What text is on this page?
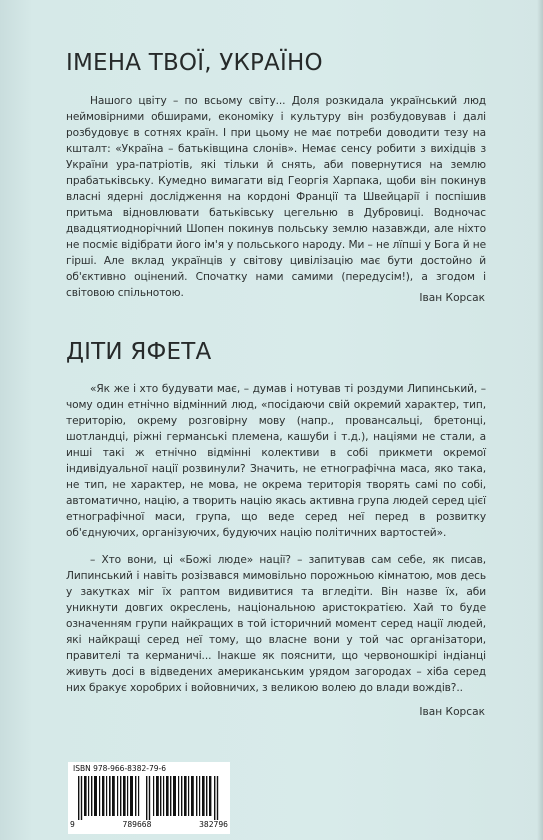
ІМЕНА ТВОЇ, УКРАЇНО

Нашого цвіту – по всьому світу... Доля розкидала український люд неймовірними обширами, економіку і культуру він розбудовував і далі розбудовує в сотнях країн. І при цьому не має потреби доводити тезу на кшталт: «Україна – батьківщина слонів». Немає сенсу робити з вихідців з України ура-патріотів, які тільки й снять, аби повернутися на землю прабатьківську. Кумедно вимагати від Георгія Харпака, щоби він покинув власні ядерні дослідження на кордоні Франції та Швейцарії і поспішив притьма відновлювати батьківську цегельню в Дубровиці. Водночас двадцятиоднорічний Шопен покинув польську землю назавжди, але ніхто не посміє відібрати його ім'я у польського народу. Ми – не лїпші у Бога й не гірші. Але вклад українців у світову цивілізацію має бути достойно й об'єктивно оцінений. Спочатку нами самими (передусім!), а згодом і світовою спільнотою.	Іван Корсак
ДІТИ ЯФЕТА

«Як же і хто будувати має, – думав і нотував ті роздуми Липинський, – чому один етнічно відмінний люд, «посідаючи свій окремий характер, тип, територію, окрему розговірну мову (напр., провансальці, бретонці, шотландці, ріжні германські племена, кашуби і т.д.), націями не стали, а инші такі ж етнічно відмінні колективи в собі прикмети окремої індивідуальної нації розвинули? Значить, не етнографічна маса, яко така, не тип, не характер, не мова, не окрема територія творять самі по собі, автоматично, націю, а творить націю якась активна група людей серед цієї етнографічної маси, група, що веде серед неї перед в розвитку об'єднуючих, організуючих, будуючих націю політичних вартостей».

– Хто вони, ці «Божі люде» нації? – запитував сам себе, як писав, Липинський і навіть розізвався мимовільно порожньою кімнатою, мов десь у закутках міг їх раптом видивитися та вгледіти. Він назве їх, аби уникнути довгих окреслень, національною аристократією. Хай то буде означенням групи найкращих в той історичний момент серед нації людей, які найкращі серед неї тому, що власне вони у той час організатори, правителі та керманичі... Інакше як пояснити, що червоношкірі індіанці живуть досі в відведених американським урядом загородах – хіба серед них бракує хоробрих і войовничих, з великою волею до влади вождів?..

Іван Корсак
ISBN 978-966-8382-79-6
9	789668	382796
